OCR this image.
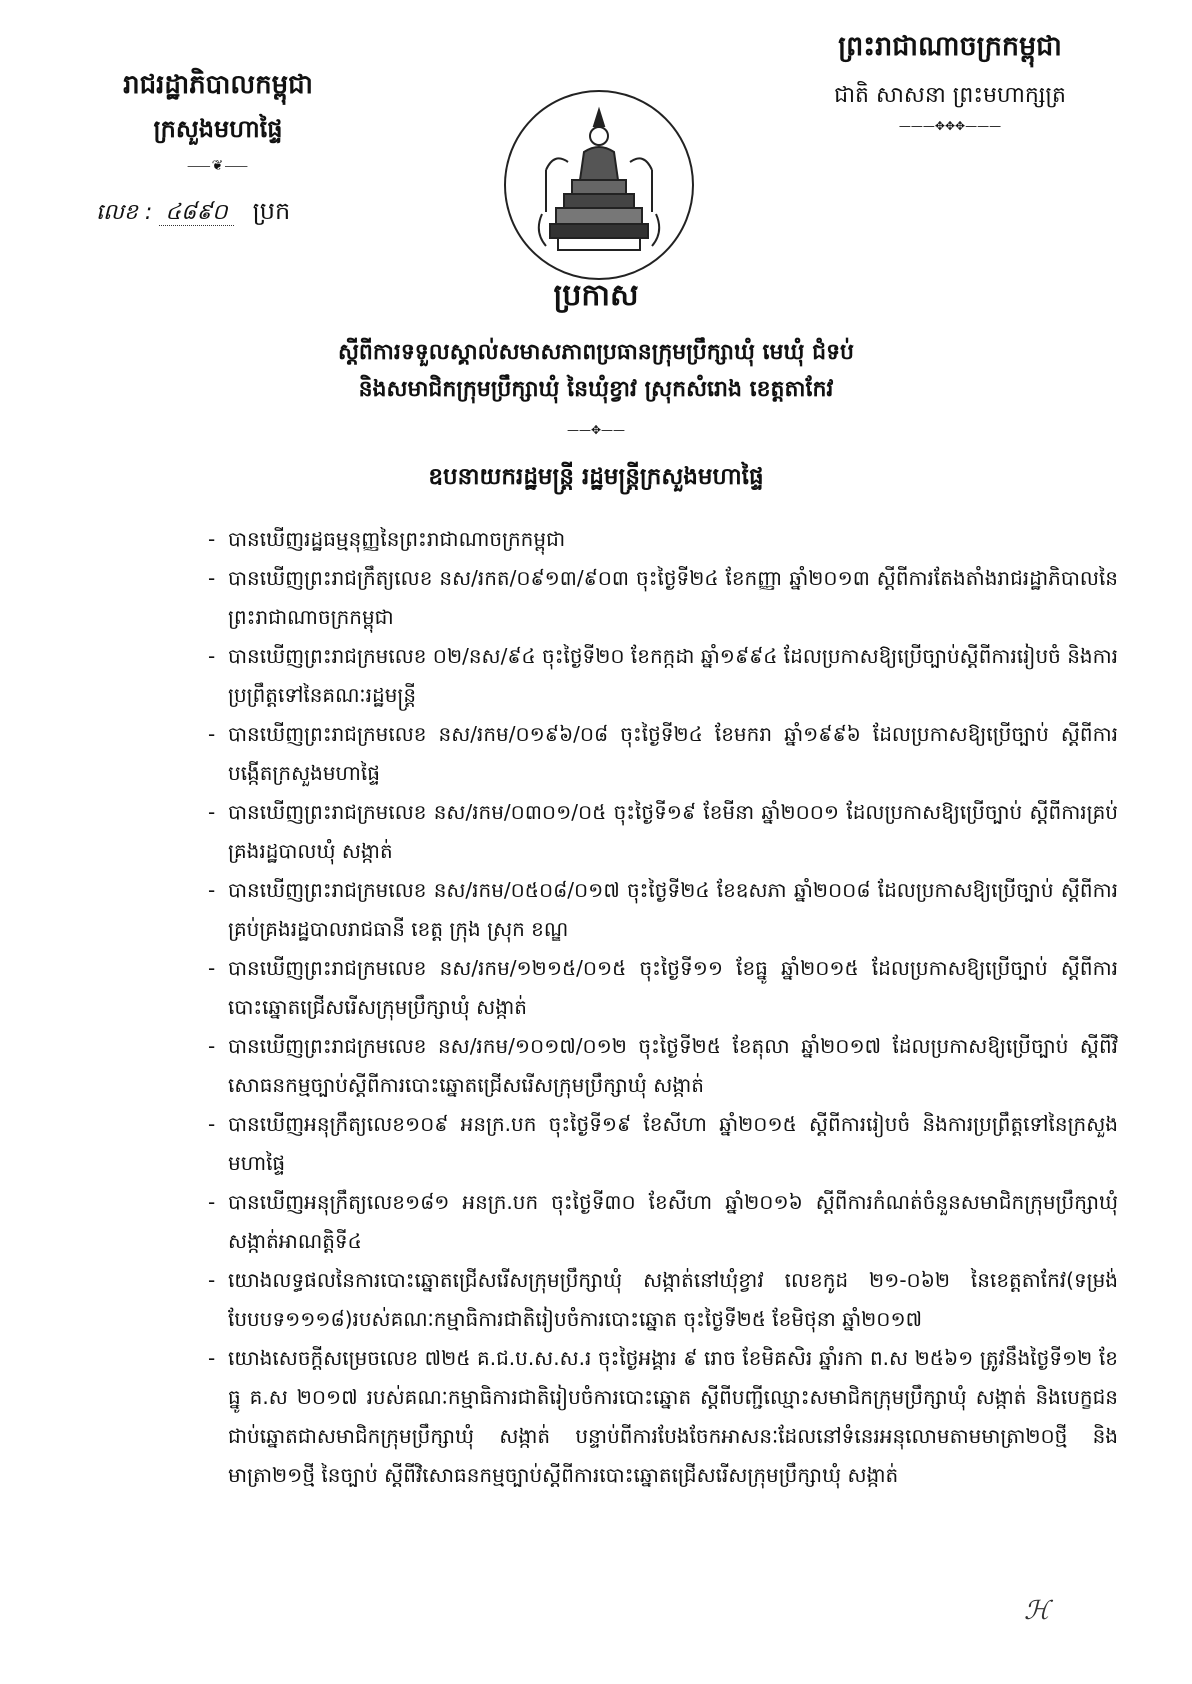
រាជរដ្ឋាភិបាលកម្ពុជា

ក្រសួងមហាផ្ទៃ

⸺❦⸺
លេខ : ៤៨៩០ ប្រក

ព្រះរាជាណាចក្រកម្ពុជា

ជាតិ សាសនា ព្រះមហាក្សត្រ

———✥✥✥———

ប្រកាស

ស្តីពីការទទួលស្គាល់សមាសភាពប្រធានក្រុមប្រឹក្សាឃុំ មេឃុំ ជំទប់
និងសមាជិកក្រុមប្រឹក្សាឃុំ នៃឃុំខ្វាវ ស្រុកសំរោង ខេត្តតាកែវ

——✥——
ឧបនាយករដ្ឋមន្ត្រី រដ្ឋមន្ត្រីក្រសួងមហាផ្ទៃ
- បានឃើញរដ្ឋធម្មនុញ្ញនៃព្រះរាជាណាចក្រកម្ពុជា
- បានឃើញព្រះរាជក្រឹត្យលេខ នស/រកត/០៩១៣/៩០៣ ចុះថ្ងៃទី២៤ ខែកញ្ញា ឆ្នាំ២០១៣ ស្តីពីការតែងតាំងរាជរដ្ឋាភិបាលនៃព្រះរាជាណាចក្រកម្ពុជា
- បានឃើញព្រះរាជក្រមលេខ ០២/នស/៩៤ ចុះថ្ងៃទី២០ ខែកក្កដា ឆ្នាំ១៩៩៤ ដែលប្រកាសឱ្យប្រើច្បាប់ស្តីពីការរៀបចំ និងការប្រព្រឹត្តទៅនៃគណៈរដ្ឋមន្ត្រី
- បានឃើញព្រះរាជក្រមលេខ នស/រកម/០១៩៦/០៨ ចុះថ្ងៃទី២៤ ខែមករា ឆ្នាំ១៩៩៦ ដែលប្រកាសឱ្យប្រើច្បាប់ ស្តីពីការបង្កើតក្រសួងមហាផ្ទៃ
- បានឃើញព្រះរាជក្រមលេខ នស/រកម/០៣០១/០៥ ចុះថ្ងៃទី១៩ ខែមីនា ឆ្នាំ២០០១ ដែលប្រកាសឱ្យប្រើច្បាប់ ស្តីពីការគ្រប់គ្រងរដ្ឋបាលឃុំ សង្កាត់
- បានឃើញព្រះរាជក្រមលេខ នស/រកម/០៥០៨/០១៧ ចុះថ្ងៃទី២៤ ខែឧសភា ឆ្នាំ២០០៨ ដែលប្រកាសឱ្យប្រើច្បាប់ ស្តីពីការគ្រប់គ្រងរដ្ឋបាលរាជធានី ខេត្ត ក្រុង ស្រុក ខណ្ឌ
- បានឃើញព្រះរាជក្រមលេខ នស/រកម/១២១៥/០១៥ ចុះថ្ងៃទី១១ ខែធ្នូ ឆ្នាំ២០១៥ ដែលប្រកាសឱ្យប្រើច្បាប់ ស្តីពីការបោះឆ្នោតជ្រើសរើសក្រុមប្រឹក្សាឃុំ សង្កាត់
- បានឃើញព្រះរាជក្រមលេខ នស/រកម/១០១៧/០១២ ចុះថ្ងៃទី២៥ ខែតុលា ឆ្នាំ២០១៧ ដែលប្រកាសឱ្យប្រើច្បាប់ ស្តីពីវិសោធនកម្មច្បាប់ស្តីពីការបោះឆ្នោតជ្រើសរើសក្រុមប្រឹក្សាឃុំ សង្កាត់
- បានឃើញអនុក្រឹត្យលេខ១០៩ អនក្រ.បក ចុះថ្ងៃទី១៩ ខែសីហា ឆ្នាំ២០១៥ ស្តីពីការរៀបចំ និងការប្រព្រឹត្តទៅនៃក្រសួងមហាផ្ទៃ
- បានឃើញអនុក្រឹត្យលេខ១៨១ អនក្រ.បក ចុះថ្ងៃទី៣០ ខែសីហា ឆ្នាំ២០១៦ ស្តីពីការកំណត់ចំនួនសមាជិកក្រុមប្រឹក្សាឃុំ សង្កាត់អាណត្តិទី៤
- យោងលទ្ធផលនៃការបោះឆ្នោតជ្រើសរើសក្រុមប្រឹក្សាឃុំ សង្កាត់នៅឃុំខ្វាវ លេខកូដ ២១-០៦២ នៃខេត្តតាកែវ(ទម្រង់បែបបទ១១១៨)របស់គណៈកម្មាធិការជាតិរៀបចំការបោះឆ្នោត ចុះថ្ងៃទី២៥ ខែមិថុនា ឆ្នាំ២០១៧
- យោងសេចក្តីសម្រេចលេខ ៧២៥ គ.ជ.ប.ស.ស.រ ចុះថ្ងៃអង្គារ ៩ រោច ខែមិគសិរ ឆ្នាំរកា ព.ស ២៥៦១ ត្រូវនឹងថ្ងៃទី១២ ខែធ្នូ គ.ស ២០១៧ របស់គណៈកម្មាធិការជាតិរៀបចំការបោះឆ្នោត ស្តីពីបញ្ជីឈ្មោះសមាជិកក្រុមប្រឹក្សាឃុំ សង្កាត់ និងបេក្ខជនជាប់ឆ្នោតជាសមាជិកក្រុមប្រឹក្សាឃុំ សង្កាត់ បន្ទាប់ពីការបែងចែកអាសនៈដែលនៅទំនេរអនុលោមតាមមាត្រា២០ថ្មី និងមាត្រា២១ថ្មី នៃច្បាប់ ស្តីពីវិសោធនកម្មច្បាប់ស្តីពីការបោះឆ្នោតជ្រើសរើសក្រុមប្រឹក្សាឃុំ សង្កាត់
ℋ
